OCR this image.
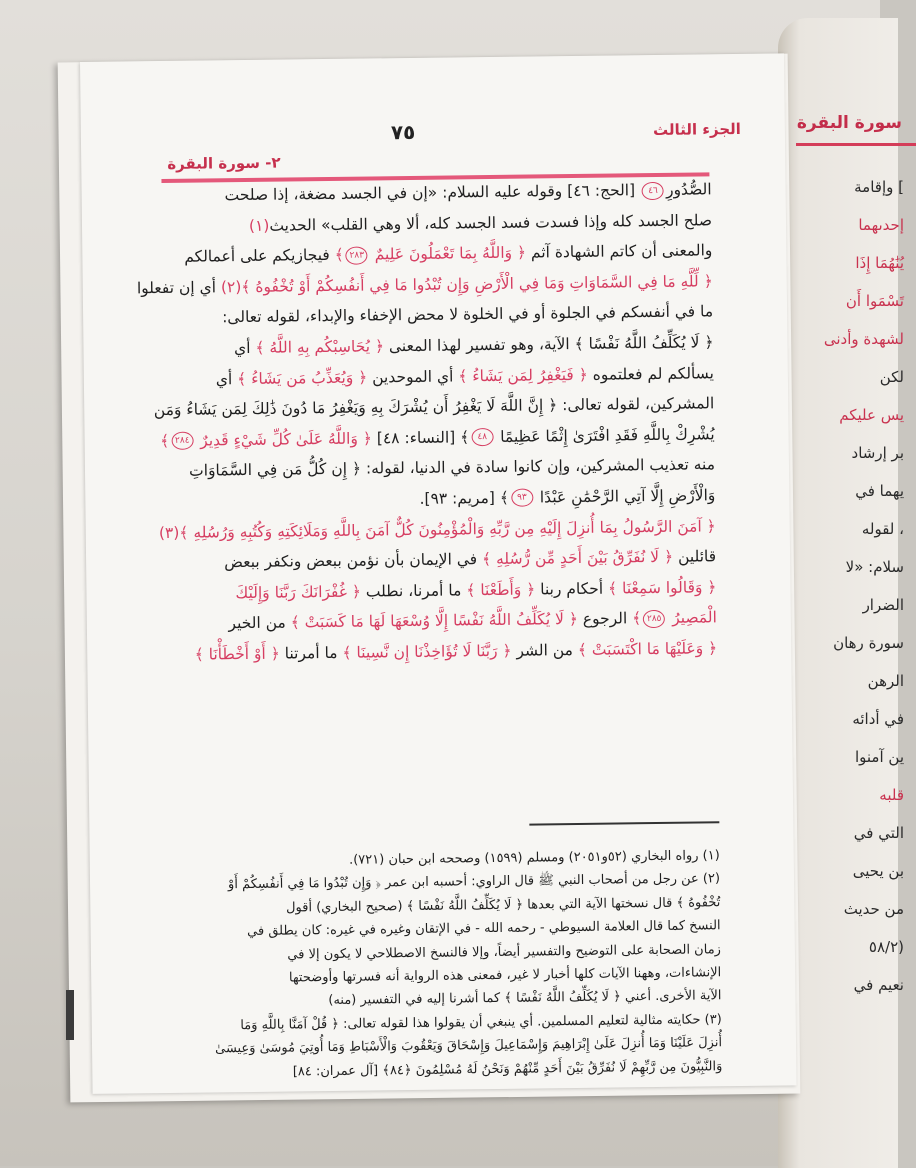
سورة البقرة
] وإقامة
إحدىهما
يُنَٰهُمَا إِذَا
تَسْمَوا أَن
لشهدة وأدنى
لكن
يس عليكم
بر إرشاد
يهما في
، لقوله
سلام: «لا
الضرار
سورة رهان
الرهن
في أدائه
ين آمنوا
قلبه
التي في
بن يحيى
من حديث
(٥٨/٢
نعيم في
الجزء الثالث
٧٥
٢- سورة البقرة
الصُّدُورِ٤٦ [الحج: ٤٦] وقوله عليه السلام: «إن في الجسد مضغة، إذا صلحت
صلح الجسد كله وإذا فسدت فسد الجسد كله، ألا وهي القلب» الحديث(١)
والمعنى أن كاتم الشهادة آثم ﴿ وَاللَّهُ بِمَا تَعْمَلُونَ عَلِيمٌ ٢٨٣﴾ فيجازيكم على أعمالكم
﴿ لِّلَّهِ مَا فِي السَّمَاوَاتِ وَمَا فِي الْأَرْضِ وَإِن تُبْدُوا مَا فِي أَنفُسِكُمْ أَوْ تُخْفُوهُ ﴾(٢) أي إن تفعلوا
ما في أنفسكم في الجلوة أو في الخلوة لا محض الإخفاء والإبداء، لقوله تعالى:
﴿ لَا يُكَلِّفُ اللَّهُ نَفْسًا ﴾ الآية، وهو تفسير لهذا المعنى ﴿ يُحَاسِبْكُم بِهِ اللَّهُ ﴾ أي
يسألكم لم فعلتموه ﴿ فَيَغْفِرُ لِمَن يَشَاءُ ﴾ أي الموحدين ﴿ وَيُعَذِّبُ مَن يَشَاءُ ﴾ أي
المشركين، لقوله تعالى: ﴿ إِنَّ اللَّهَ لَا يَغْفِرُ أَن يُشْرَكَ بِهِ وَيَغْفِرُ مَا دُونَ ذَٰلِكَ لِمَن يَشَاءُ وَمَن
يُشْرِكْ بِاللَّهِ فَقَدِ افْتَرَىٰ إِثْمًا عَظِيمًا ٤٨﴾ [النساء: ٤٨] ﴿ وَاللَّهُ عَلَىٰ كُلِّ شَيْءٍ قَدِيرٌ ٢٨٤﴾
منه تعذيب المشركين، وإن كانوا سادة في الدنيا، لقوله: ﴿ إِن كُلُّ مَن فِي السَّمَاوَاتِ
وَالْأَرْضِ إِلَّا آتِي الرَّحْمَٰنِ عَبْدًا ٩٣﴾ [مريم: ٩٣].
﴿ آمَنَ الرَّسُولُ بِمَا أُنزِلَ إِلَيْهِ مِن رَّبِّهِ وَالْمُؤْمِنُونَ كُلٌّ آمَنَ بِاللَّهِ وَمَلَائِكَتِهِ وَكُتُبِهِ وَرُسُلِهِ ﴾(٣)
قائلين ﴿ لَا نُفَرِّقُ بَيْنَ أَحَدٍ مِّن رُّسُلِهِ ﴾ في الإيمان بأن نؤمن ببعض ونكفر ببعض
﴿ وَقَالُوا سَمِعْنَا ﴾ أحكام ربنا ﴿ وَأَطَعْنَا ﴾ ما أمرنا، نطلب ﴿ غُفْرَانَكَ رَبَّنَا وَإِلَيْكَ
الْمَصِيرُ ٢٨٥﴾ الرجوع ﴿ لَا يُكَلِّفُ اللَّهُ نَفْسًا إِلَّا وُسْعَهَا لَهَا مَا كَسَبَتْ ﴾ من الخير
﴿ وَعَلَيْهَا مَا اكْتَسَبَتْ ﴾ من الشر ﴿ رَبَّنَا لَا تُؤَاخِذْنَا إِن نَّسِينَا ﴾ ما أمرتنا ﴿ أَوْ أَخْطَأْنَا ﴾
(١) رواه البخاري (٥٢و٢٠٥١) ومسلم (١٥٩٩) وصححه ابن حبان (٧٢١).
(٢) عن رجل من أصحاب النبي ﷺ قال الراوي: أحسبه ابن عمر ﴿ وَإِن تُبْدُوا مَا فِي أَنفُسِكُمْ أَوْ
تُخْفُوهُ ﴾ قال نسختها الآية التي بعدها ﴿ لَا يُكَلِّفُ اللَّهُ نَفْسًا ﴾ (صحيح البخاري) أقول
النسخ كما قال العلامة السيوطي - رحمه الله - في الإتقان وغيره في غيره: كان يطلق في
زمان الصحابة على التوضيح والتفسير أيضاً، وإلا فالنسخ الاصطلاحي لا يكون إلا في
الإنشاءات، وههنا الآيات كلها أخبار لا غير، فمعنى هذه الرواية أنه فسرتها وأوضحتها
الآية الأخرى. أعني ﴿ لَا يُكَلِّفُ اللَّهُ نَفْسًا ﴾ كما أشرنا إليه في التفسير (منه)
(٣) حكايته مثالية لتعليم المسلمين. أي ينبغي أن يقولوا هذا لقوله تعالى: ﴿ قُلْ آمَنَّا بِاللَّهِ وَمَا
أُنزِلَ عَلَيْنَا وَمَا أُنزِلَ عَلَىٰ إِبْرَاهِيمَ وَإِسْمَاعِيلَ وَإِسْحَاقَ وَيَعْقُوبَ وَالْأَسْبَاطِ وَمَا أُوتِيَ مُوسَىٰ وَعِيسَىٰ
وَالنَّبِيُّونَ مِن رَّبِّهِمْ لَا نُفَرِّقُ بَيْنَ أَحَدٍ مِّنْهُمْ وَنَحْنُ لَهُ مُسْلِمُونَ ﴿٨٤﴾ [آل عمران: ٨٤]
